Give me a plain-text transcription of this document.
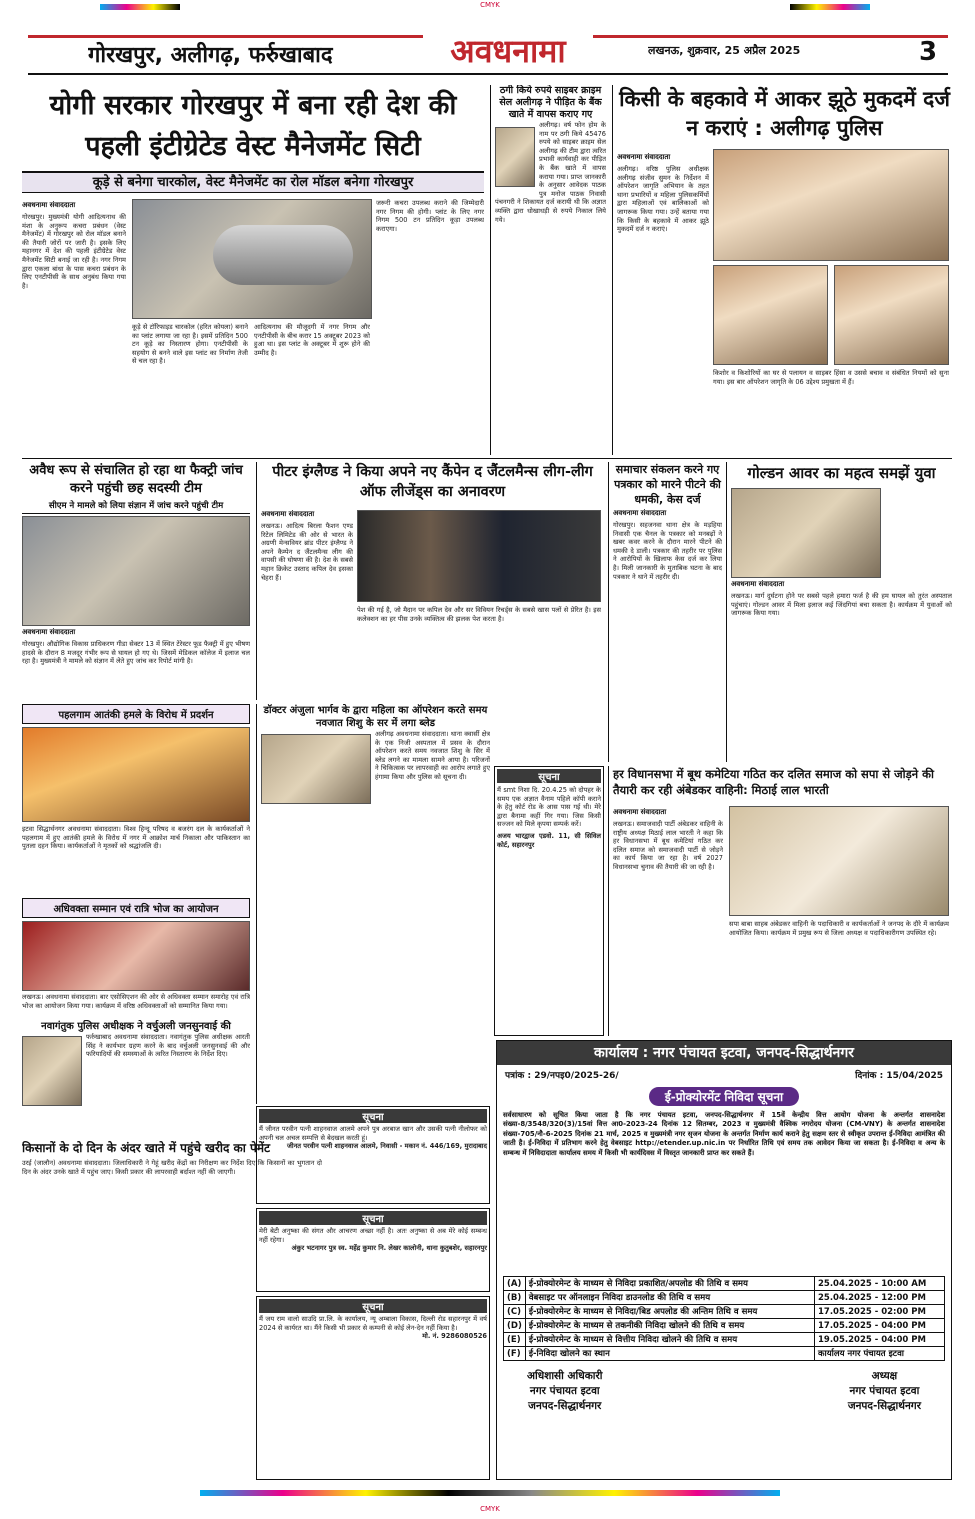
CMYK
गोरखपुर, अलीगढ़, फर्रुखाबाद	अवधनामा	लखनऊ, शुक्रवार, 25 अप्रैल 2025	3
योगी सरकार गोरखपुर में बना रही देश की पहली इंटीग्रेटेड वेस्ट मैनेजमेंट सिटी
कूड़े से बनेगा चारकोल, वेस्ट मैनेजमेंट का रोल मॉडल बनेगा गोरखपुर
अवधनामा संवाददाता
गोरखपुर। मुख्यमंत्री योगी आदित्यनाथ की मंशा के अनुरूप कचरा प्रबंधन (वेस्ट मैनेजमेंट) में गोरखपुर को रोल मॉडल बनाने की तैयारी जोरों पर जारी है। इसके लिए महानगर में देश की पहली इंटीग्रेटेड वेस्ट मैनेजमेंट सिटी बनाई जा रही है। नगर निगम द्वारा एकला बांधा के पास कचरा प्रबंधन के लिए एनटीपीसी के साथ अनुबंध किया गया है।
कूड़े से टॉरिफाइड चारकोल (हरित कोयला) बनाने का प्लांट लगाया जा रहा है। इसमें प्रतिदिन 500 टन कूड़े का निस्तारण होगा। एनटीपीसी के सहयोग से बनने वाले इस प्लांट का निर्माण तेजी से चल रहा है।
आदित्यनाथ की मौजूदगी में नगर निगम और एनटीपीसी के बीच करार 15 अक्टूबर 2023 को हुआ था। इस प्लांट के अक्टूबर में शुरू होने की उम्मीद है।
जरूरी कचरा उपलब्ध कराने की जिम्मेदारी नगर निगम की होगी। प्लांट के लिए नगर निगम 500 टन प्रतिदिन कूड़ा उपलब्ध कराएगा।
ठगी किये रुपये साइबर क्राइम सेल अलीगढ़ ने पीड़ित के बैंक खाते में वापस कराए गए
अलीगढ़। वर्ष फोन होम के नाम पर ठगी किये 45476 रुपये को साइबर क्राइम सेल अलीगढ़ की टीम द्वारा त्वरित प्रभावी कार्यवाही कर पीड़ित के बैंक खाते में वापस कराया गया। प्राप्त जानकारी के अनुसार आवेदक पाठक पुत्र मनोज पाठक निवासी पंचनगरी ने शिकायत दर्ज करायी थी कि अज्ञात व्यक्ति द्वारा धोखाधड़ी से रुपये निकाल लिये गये।
किसी के बहकावे में आकर झूठे मुकदमें दर्ज न कराएं : अलीगढ़ पुलिस
अवधनामा संवाददाता
अलीगढ़। वरिष्ठ पुलिस अधीक्षक अलीगढ़ संजीव सुमन के निर्देशन में ऑपरेशन जागृति अभियान के तहत थाना प्रभारियों व महिला पुलिसकर्मियों द्वारा महिलाओं एवं बालिकाओं को जागरूक किया गया। उन्हें बताया गया कि किसी के बहकावे में आकर झूठे मुकदमें दर्ज न कराएं।
किशोर व किशोरियों का घर से पलायन व साइबर हिंसा व उससे बचाव व संबंधित नियमों को सुना गया। इस बार ऑपरेशन जागृति के 06 उद्देश्य प्रमुखता में हैं।
अवैध रूप से संचालित हो रहा था फैक्ट्री जांच करने पहुंची छह सदस्यी टीम
सीएम ने मामले को लिया संज्ञान में जांच करने पहुंची टीम
अवधनामा संवाददाता
गोरखपुर। औद्योगिक विकास प्राधिकरण गीडा सेक्टर 13 में स्थित टेरेस्टर फूड फैक्ट्री में हुए भीषण हादसे के दौरान 8 मजदूर गंभीर रूप से घायल हो गए थे। जिसमें मेडिकल कॉलेज में इलाज चल रहा है। मुख्यमंत्री ने मामले को संज्ञान में लेते हुए जांच कर रिपोर्ट मांगी है।
पीटर इंग्लैण्ड ने किया अपने नए कैंपेन द जैंटलमैन्स लीग-लीग ऑफ लीजेंड्स का अनावरण
अवधनामा संवाददाता
लखनऊ। आदित्य बिरला फैशन एण्ड रिटेल लिमिटेड की ओर से भारत के अग्रणी मेन्सवियर ब्रांड पीटर इंग्लैण्ड ने अपने कैम्पेन द जैंटलमैन्स लीग की वापसी की घोषणा की है। देश के सबसे महान क्रिकेट उस्ताद कपिल देव इसका चेहरा हैं।
पेश की गई है, जो मैदान पर कपिल देव और सर विवियन रिचर्ड्स के सबसे खास पलों से प्रेरित है। इस कलेक्शन का हर पीस उनके व्यक्तित्व की झलक पेश करता है।
समाचार संकलन करने गए पत्रकार को मारने पीटने की धमकी, केस दर्ज
अवधनामा संवाददाता
गोरखपुर। सहजनवा थाना क्षेत्र के मड़हिया निवासी एक चैनल के पत्रकार को मनबढ़ों ने खबर कवर करने के दौरान मारने पीटने की धमकी दे डाली। पत्रकार की तहरीर पर पुलिस ने आरोपियों के खिलाफ केस दर्ज कर लिया है। मिली जानकारी के मुताबिक घटना के बाद पत्रकार ने थाने में तहरीर दी।
गोल्डन आवर का महत्व समझें युवा
अवधनामा संवाददाता
लखनऊ। मार्ग दुर्घटना होने पर सबसे पहले हमारा फर्ज है की हम घायल को तुरंत अस्पताल पहुंचाएं। गोल्डन आवर में मिला इलाज कई जिंदगियां बचा सकता है। कार्यक्रम में युवाओं को जागरूक किया गया।
पहलगाम आतंकी हमले के विरोध में प्रदर्शन
इटवा सिद्धार्थनगर अवधनामा संवाददाता। विश्व हिन्दू परिषद व बजरंग दल के कार्यकर्ताओं ने पहलगाम में हुए आतंकी हमले के विरोध में नगर में आक्रोश मार्च निकाला और पाकिस्तान का पुतला दहन किया। कार्यकर्ताओं ने मृतकों को श्रद्धांजलि दी।
डॉक्टर अंजुला भार्गव के द्वारा महिला का ऑपरेशन करते समय नवजात शिशु के सर में लगा ब्लेड
अलीगढ़ अवधनामा संवाददाता। थाना क्वार्सी क्षेत्र के एक निजी अस्पताल में प्रसव के दौरान ऑपरेशन करते समय नवजात शिशु के सिर में ब्लेड लगने का मामला सामने आया है। परिजनों ने चिकित्सक पर लापरवाही का आरोप लगाते हुए हंगामा किया और पुलिस को सूचना दी।	सूचना
मैं smt निशा दि. 20.4.25 को दोपहर के समय एक अज्ञात वैनाम पहिले कॉपी कराने के हेतु कोर्ट रोड के आस पास गई थी। मेरे द्वारा बैनामा कहीं गिर गया। जिस किसी सज्जन को मिले कृपया सम्पर्क करें।
अजय भारद्वाज एडवो. 11, सी सिविल कोर्ट, सहारनपुर
हर विधानसभा में बूथ कमेटिया गठित कर दलित समाज को सपा से जोड़ने की तैयारी कर रही अंबेडकर वाहिनी: मिठाई लाल भारती
अवधनामा संवाददाता
लखनऊ। समाजवादी पार्टी अंबेडकर वाहिनी के राष्ट्रीय अध्यक्ष मिठाई लाल भारती ने कहा कि हर विधानसभा में बूथ कमेटियां गठित कर दलित समाज को समाजवादी पार्टी से जोड़ने का कार्य किया जा रहा है। वर्ष 2027 विधानसभा चुनाव की तैयारी की जा रही है।
सपा बाबा साहब अंबेडकर वाहिनी के पदाधिकारी व कार्यकर्ताओं ने जनपद के दौरे में कार्यक्रम आयोजित किया। कार्यक्रम में प्रमुख रूप से जिला अध्यक्ष व पदाधिकारीगण उपस्थित रहे।
अधिवक्ता सम्मान एवं रात्रि भोज का आयोजन
लखनऊ। अवधनामा संवाददाता। बार एसोसिएशन की ओर से अधिवक्ता सम्मान समारोह एवं रात्रि भोज का आयोजन किया गया। कार्यक्रम में वरिष्ठ अधिवक्ताओं को सम्मानित किया गया।
नवागंतुक पुलिस अधीक्षक ने वर्चुअली जनसुनवाई की
फर्रुखाबाद अवधनामा संवाददाता। नवागंतुक पुलिस अधीक्षक आरती सिंह ने कार्यभार ग्रहण करने के बाद वर्चुअली जनसुनवाई की और फरियादियों की समस्याओं के त्वरित निस्तारण के निर्देश दिए।
किसानों के दो दिन के अंदर खाते में पहुंचे खरीद का पेमेंट
उरई (जालौन) अवधनामा संवाददाता। जिलाधिकारी ने गेहूं खरीद केंद्रों का निरीक्षण कर निर्देश दिए कि किसानों का भुगतान दो दिन के अंदर उनके खाते में पहुंच जाए। किसी प्रकार की लापरवाही बर्दाश्त नहीं की जाएगी।
सूचना
मैं जीनत परवीन पत्नी शाहनवाज आलमे अपने पुत्र अरबाज खान और उसकी पत्नी नीलोफर को अपनी चल अचल सम्पत्ति से बेदखल करती हूं।
जीनत परवीन पत्नी शाहनवाज आलमे, निवासी - मकान नं. 446/169, मुरादाबाद
सूचना
मेरी बेटी अनुष्का की संगत और आचरण अच्छा नहीं है। अतः अनुष्का से अब मेरे कोई सम्बन्ध नहीं रहेगा।
अंकुर भटनागर पुत्र स्व. महेंद्र कुमार नि. लेखर कालोनी, थाना कुतुबशेर, सहारनपुर
सूचना
मैं जय राम वालो साउदि प्रा.लि. के कार्यालय, न्यू अम्बाला विकास, दिल्ली रोड सहारनपुर में वर्ष 2024 से कार्यरत था। मैंने किसी भी प्रकार से कम्पनी से कोई लेन-देन नहीं किया है।
मो. नं. 9286080526
कार्यालय : नगर पंचायत इटवा, जनपद-सिद्धार्थनगर
पत्रांक : 29/नपइ0/2025-26/	दिनांक : 15/04/2025
ई-प्रोक्योरमेंट निविदा सूचना
सर्वसाधारण को सूचित किया जाता है कि नगर पंचायत इटवा, जनपद-सिद्धार्थनगर में 15वें केन्द्रीय वित्त आयोग योजना के अन्तर्गत शासनादेश संख्या-8/3548/320(3)/15वां वित्त आ0-2023-24 दिनांक 12 सितम्बर, 2023 व मुख्यमंत्री वैश्विक नगरोदय योजना (CM-VNY) के अन्तर्गत शासनादेश संख्या-705/नौ-6-2025 दिनांक 21 मार्च, 2025 व मुख्यमंत्री नगर सृजन योजना के अन्तर्गत निर्माण कार्य कराने हेतु सक्षम स्तर से स्वीकृत उपरान्त ई-निविदा आमंत्रित की जाती है। ई-निविदा में प्रतिभाग करने हेतु वेबसाइट http://etender.up.nic.in पर निर्धारित तिथि एवं समय तक आवेदन किया जा सकता है। ई-निविदा व अन्य के सम्बन्ध में निविदादाता कार्यालय समय में किसी भी कार्यदिवस में विस्तृत जानकारी प्राप्त कर सकते हैं।
(A)	ई-प्रोक्योरमेन्ट के माध्यम से निविदा प्रकाशित/अपलोड की तिथि व समय	25.04.2025 - 10:00 AM
(B)	वेबसाइट पर ऑनलाइन निविदा डाउनलोड की तिथि व समय	25.04.2025 - 12:00 PM
(C)	ई-प्रोक्योरमेन्ट के माध्यम से निविदा/बिड अपलोड की अन्तिम तिथि व समय	17.05.2025 - 02:00 PM
(D)	ई-प्रोक्योरमेन्ट के माध्यम से तकनीकी निविदा खोलने की तिथि व समय	17.05.2025 - 04:00 PM
(E)	ई-प्रोक्योरमेन्ट के माध्यम से वित्तीय निविदा खोलने की तिथि व समय	19.05.2025 - 04:00 PM
(F)	ई-निविदा खोलने का स्थान	कार्यालय नगर पंचायत इटवा
अधिशासी अधिकारी
नगर पंचायत इटवा
जनपद-सिद्धार्थनगर
अध्यक्ष
नगर पंचायत इटवा
जनपद-सिद्धार्थनगर
CMYK
